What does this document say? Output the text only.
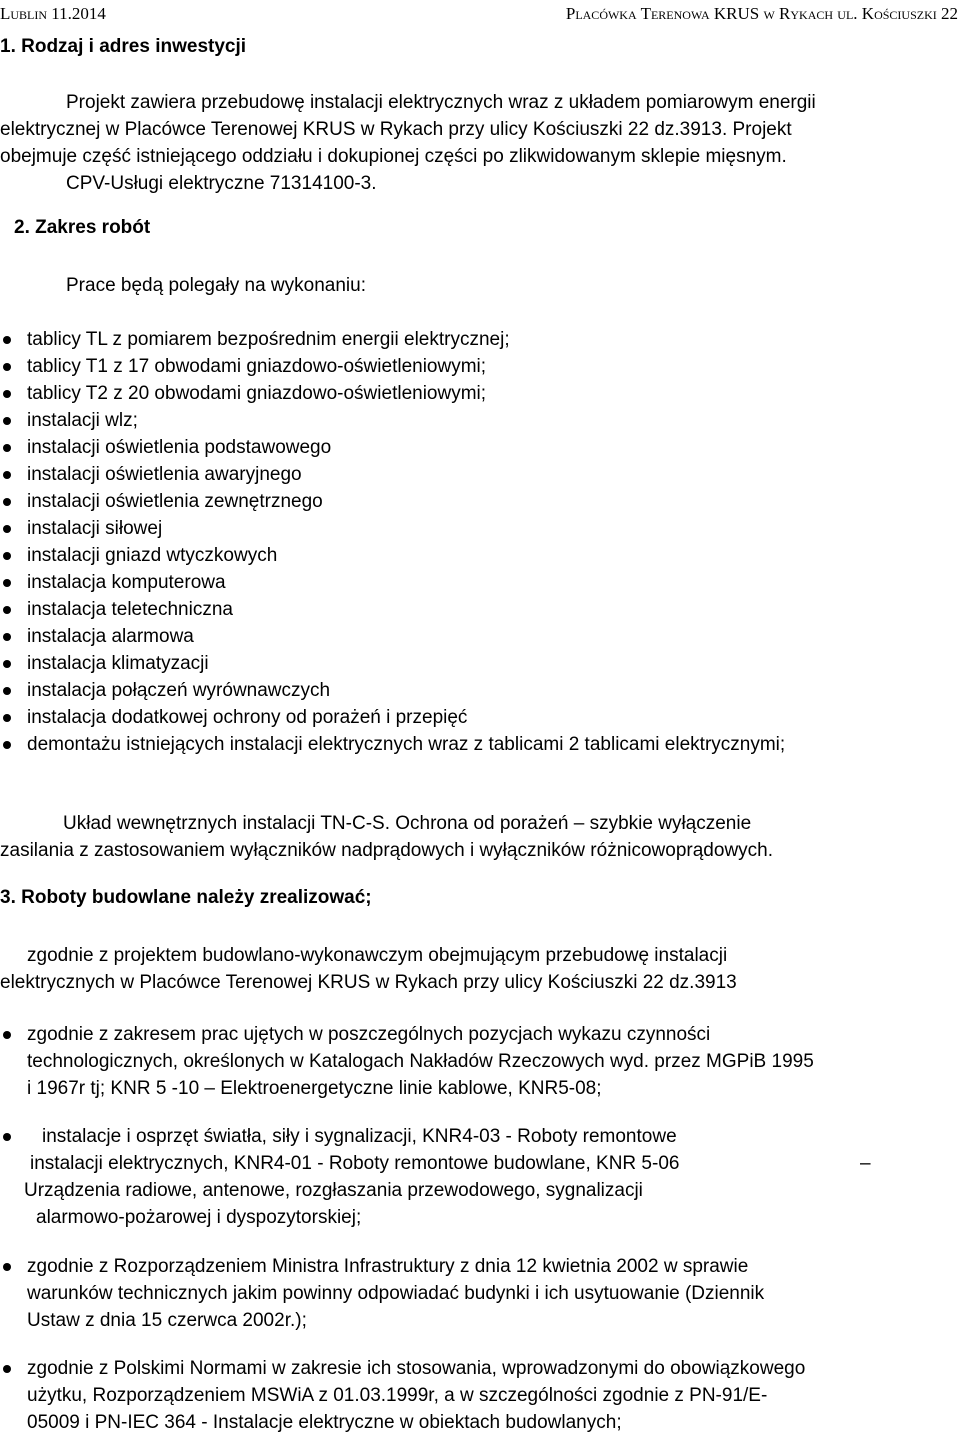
Lublin 11.2014	Placówka Terenowa KRUS w Rykach ul. Kościuszki 22
1. Rodzaj i adres inwestycji
Projekt zawiera przebudowę instalacji elektrycznych wraz z układem pomiarowym energii
elektrycznej w Placówce Terenowej KRUS w Rykach przy ulicy Kościuszki 22 dz.3913. Projekt
obejmuje część istniejącego oddziału i dokupionej części po zlikwidowanym sklepie mięsnym.
CPV-Usługi elektryczne 71314100-3.
2. Zakres robót
Prace będą polegały na wykonaniu:
tablicy TL z pomiarem bezpośrednim energii elektrycznej;
tablicy T1 z 17 obwodami gniazdowo-oświetleniowymi;
tablicy T2 z 20 obwodami gniazdowo-oświetleniowymi;
instalacji wlz;
instalacji oświetlenia podstawowego
instalacji oświetlenia awaryjnego
instalacji oświetlenia zewnętrznego
instalacji siłowej
instalacji gniazd wtyczkowych
instalacja komputerowa
instalacja teletechniczna
instalacja alarmowa
instalacja klimatyzacji
instalacja połączeń wyrównawczych
instalacja dodatkowej ochrony od porażeń i przepięć
demontażu istniejących instalacji elektrycznych wraz z tablicami 2 tablicami elektrycznymi;
Układ wewnętrznych instalacji TN-C-S. Ochrona od porażeń – szybkie wyłączenie
zasilania z zastosowaniem wyłączników nadprądowych i wyłączników różnicowoprądowych.
3. Roboty budowlane należy zrealizować;
zgodnie z projektem budowlano-wykonawczym obejmującym przebudowę instalacji
elektrycznych w Placówce Terenowej KRUS w Rykach przy ulicy Kościuszki 22 dz.3913
zgodnie z zakresem prac ujętych w poszczególnych pozycjach wykazu czynności
technologicznych, określonych w Katalogach Nakładów Rzeczowych wyd. przez MGPiB 1995
i 1967r tj; KNR 5 -10 – Elektroenergetyczne linie kablowe, KNR5-08;
instalacje i osprzęt światła, siły i sygnalizacji, KNR4-03 - Roboty remontowe
instalacji elektrycznych, KNR4-01 - Roboty remontowe budowlane, KNR 5-06	–
Urządzenia radiowe, antenowe, rozgłaszania przewodowego, sygnalizacji
alarmowo-pożarowej i dyspozytorskiej;
zgodnie z Rozporządzeniem Ministra Infrastruktury z dnia 12 kwietnia 2002 w sprawie
warunków technicznych jakim powinny odpowiadać budynki i ich usytuowanie (Dziennik
Ustaw z dnia 15 czerwca 2002r.);
zgodnie z Polskimi Normami w zakresie ich stosowania, wprowadzonymi do obowiązkowego
użytku, Rozporządzeniem MSWiA z 01.03.1999r, a w szczególności zgodnie z PN-91/E-
05009 i PN-IEC 364 - Instalacje elektryczne w obiektach budowlanych;
